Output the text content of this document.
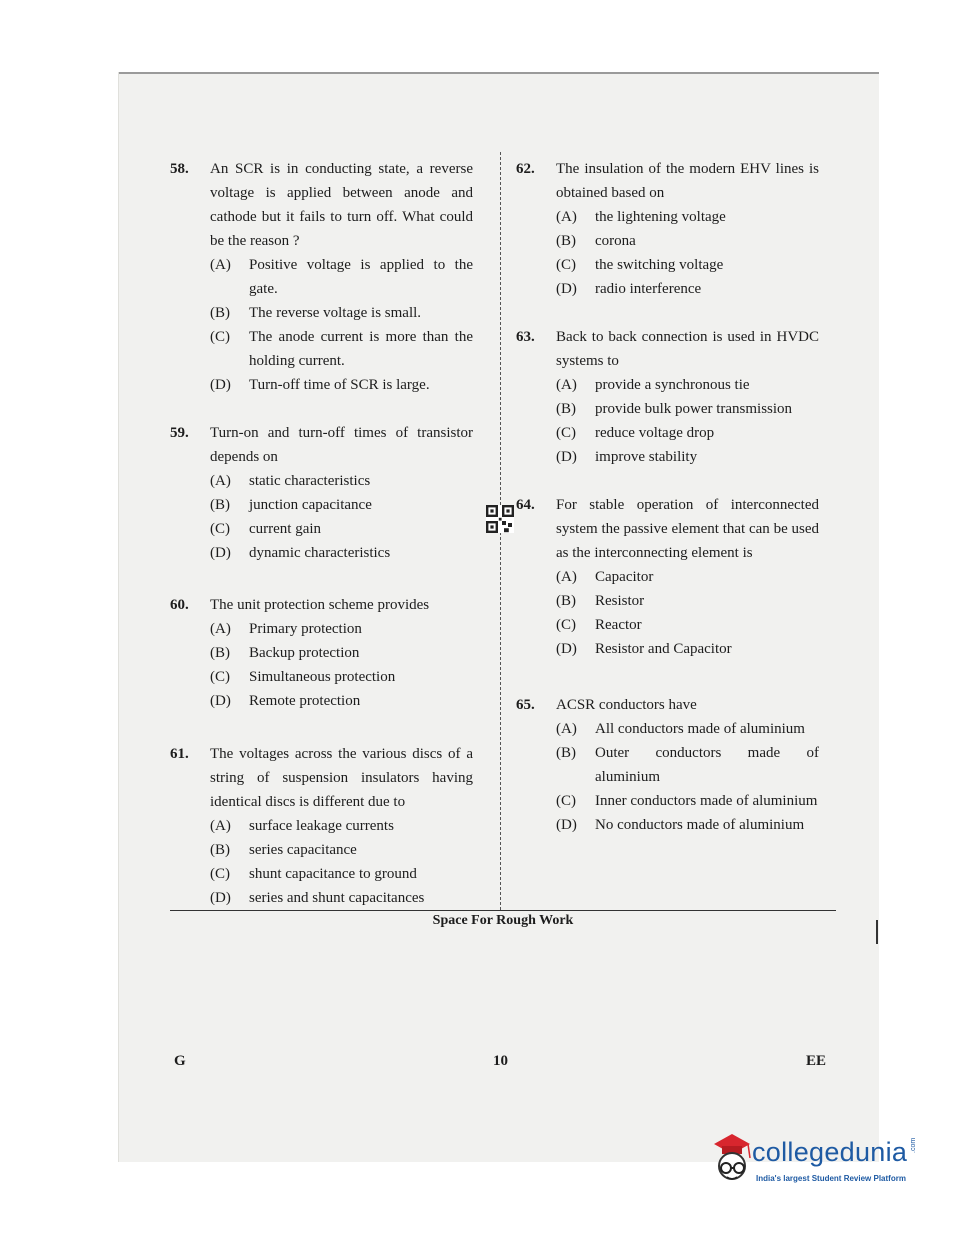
58. An SCR is in conducting state, a reverse voltage is applied between anode and cathode but it fails to turn off. What could be the reason ?
(A) Positive voltage is applied to the gate.
(B) The reverse voltage is small.
(C) The anode current is more than the holding current.
(D) Turn-off time of SCR is large.
59. Turn-on and turn-off times of transistor depends on
(A) static characteristics
(B) junction capacitance
(C) current gain
(D) dynamic characteristics
60. The unit protection scheme provides
(A) Primary protection
(B) Backup protection
(C) Simultaneous protection
(D) Remote protection
61. The voltages across the various discs of a string of suspension insulators having identical discs is different due to
(A) surface leakage currents
(B) series capacitance
(C) shunt capacitance to ground
(D) series and shunt capacitances
62. The insulation of the modern EHV lines is obtained based on
(A) the lightening voltage
(B) corona
(C) the switching voltage
(D) radio interference
63. Back to back connection is used in HVDC systems to
(A) provide a synchronous tie
(B) provide bulk power transmission
(C) reduce voltage drop
(D) improve stability
64. For stable operation of interconnected system the passive element that can be used as the interconnecting element is
(A) Capacitor
(B) Resistor
(C) Reactor
(D) Resistor and Capacitor
65. ACSR conductors have
(A) All conductors made of aluminium
(B) Outer conductors made of aluminium
(C) Inner conductors made of aluminium
(D) No conductors made of aluminium
Space For Rough Work
G	10	EE
collegedunia .com
India's largest Student Review Platform
